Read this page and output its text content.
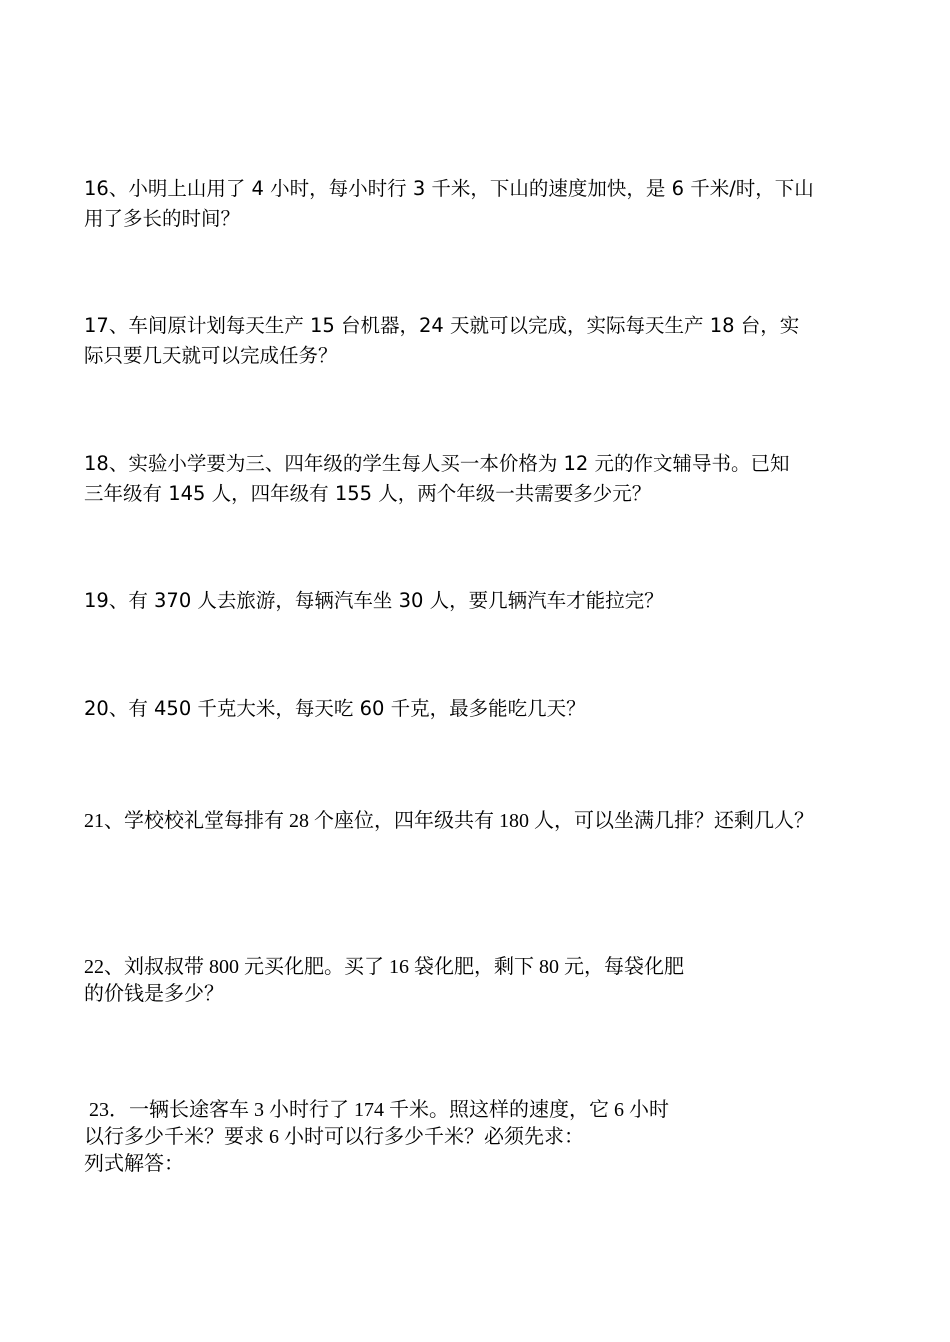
16、小明上山用了 4 小时，每小时行 3 千米，下山的速度加快，是 6 千米/时，下山
用了多长的时间？
17、车间原计划每天生产 15 台机器，24 天就可以完成，实际每天生产 18 台，实
际只要几天就可以完成任务？
18、实验小学要为三、四年级的学生每人买一本价格为 12 元的作文辅导书。已知
三年级有 145 人，四年级有 155 人，两个年级一共需要多少元？
19、有 370 人去旅游，每辆汽车坐 30 人，要几辆汽车才能拉完？
20、有 450 千克大米，每天吃 60 千克，最多能吃几天？
21、学校校礼堂每排有 28 个座位，四年级共有 180 人，可以坐满几排？还剩几人？
22、刘叔叔带 800 元买化肥。买了 16 袋化肥，剩下 80 元，每袋化肥
的价钱是多少？
23．一辆长途客车 3 小时行了 174 千米。照这样的速度，它 6 小时
以行多少千米？要求 6 小时可以行多少千米？必须先求：
列式解答：
